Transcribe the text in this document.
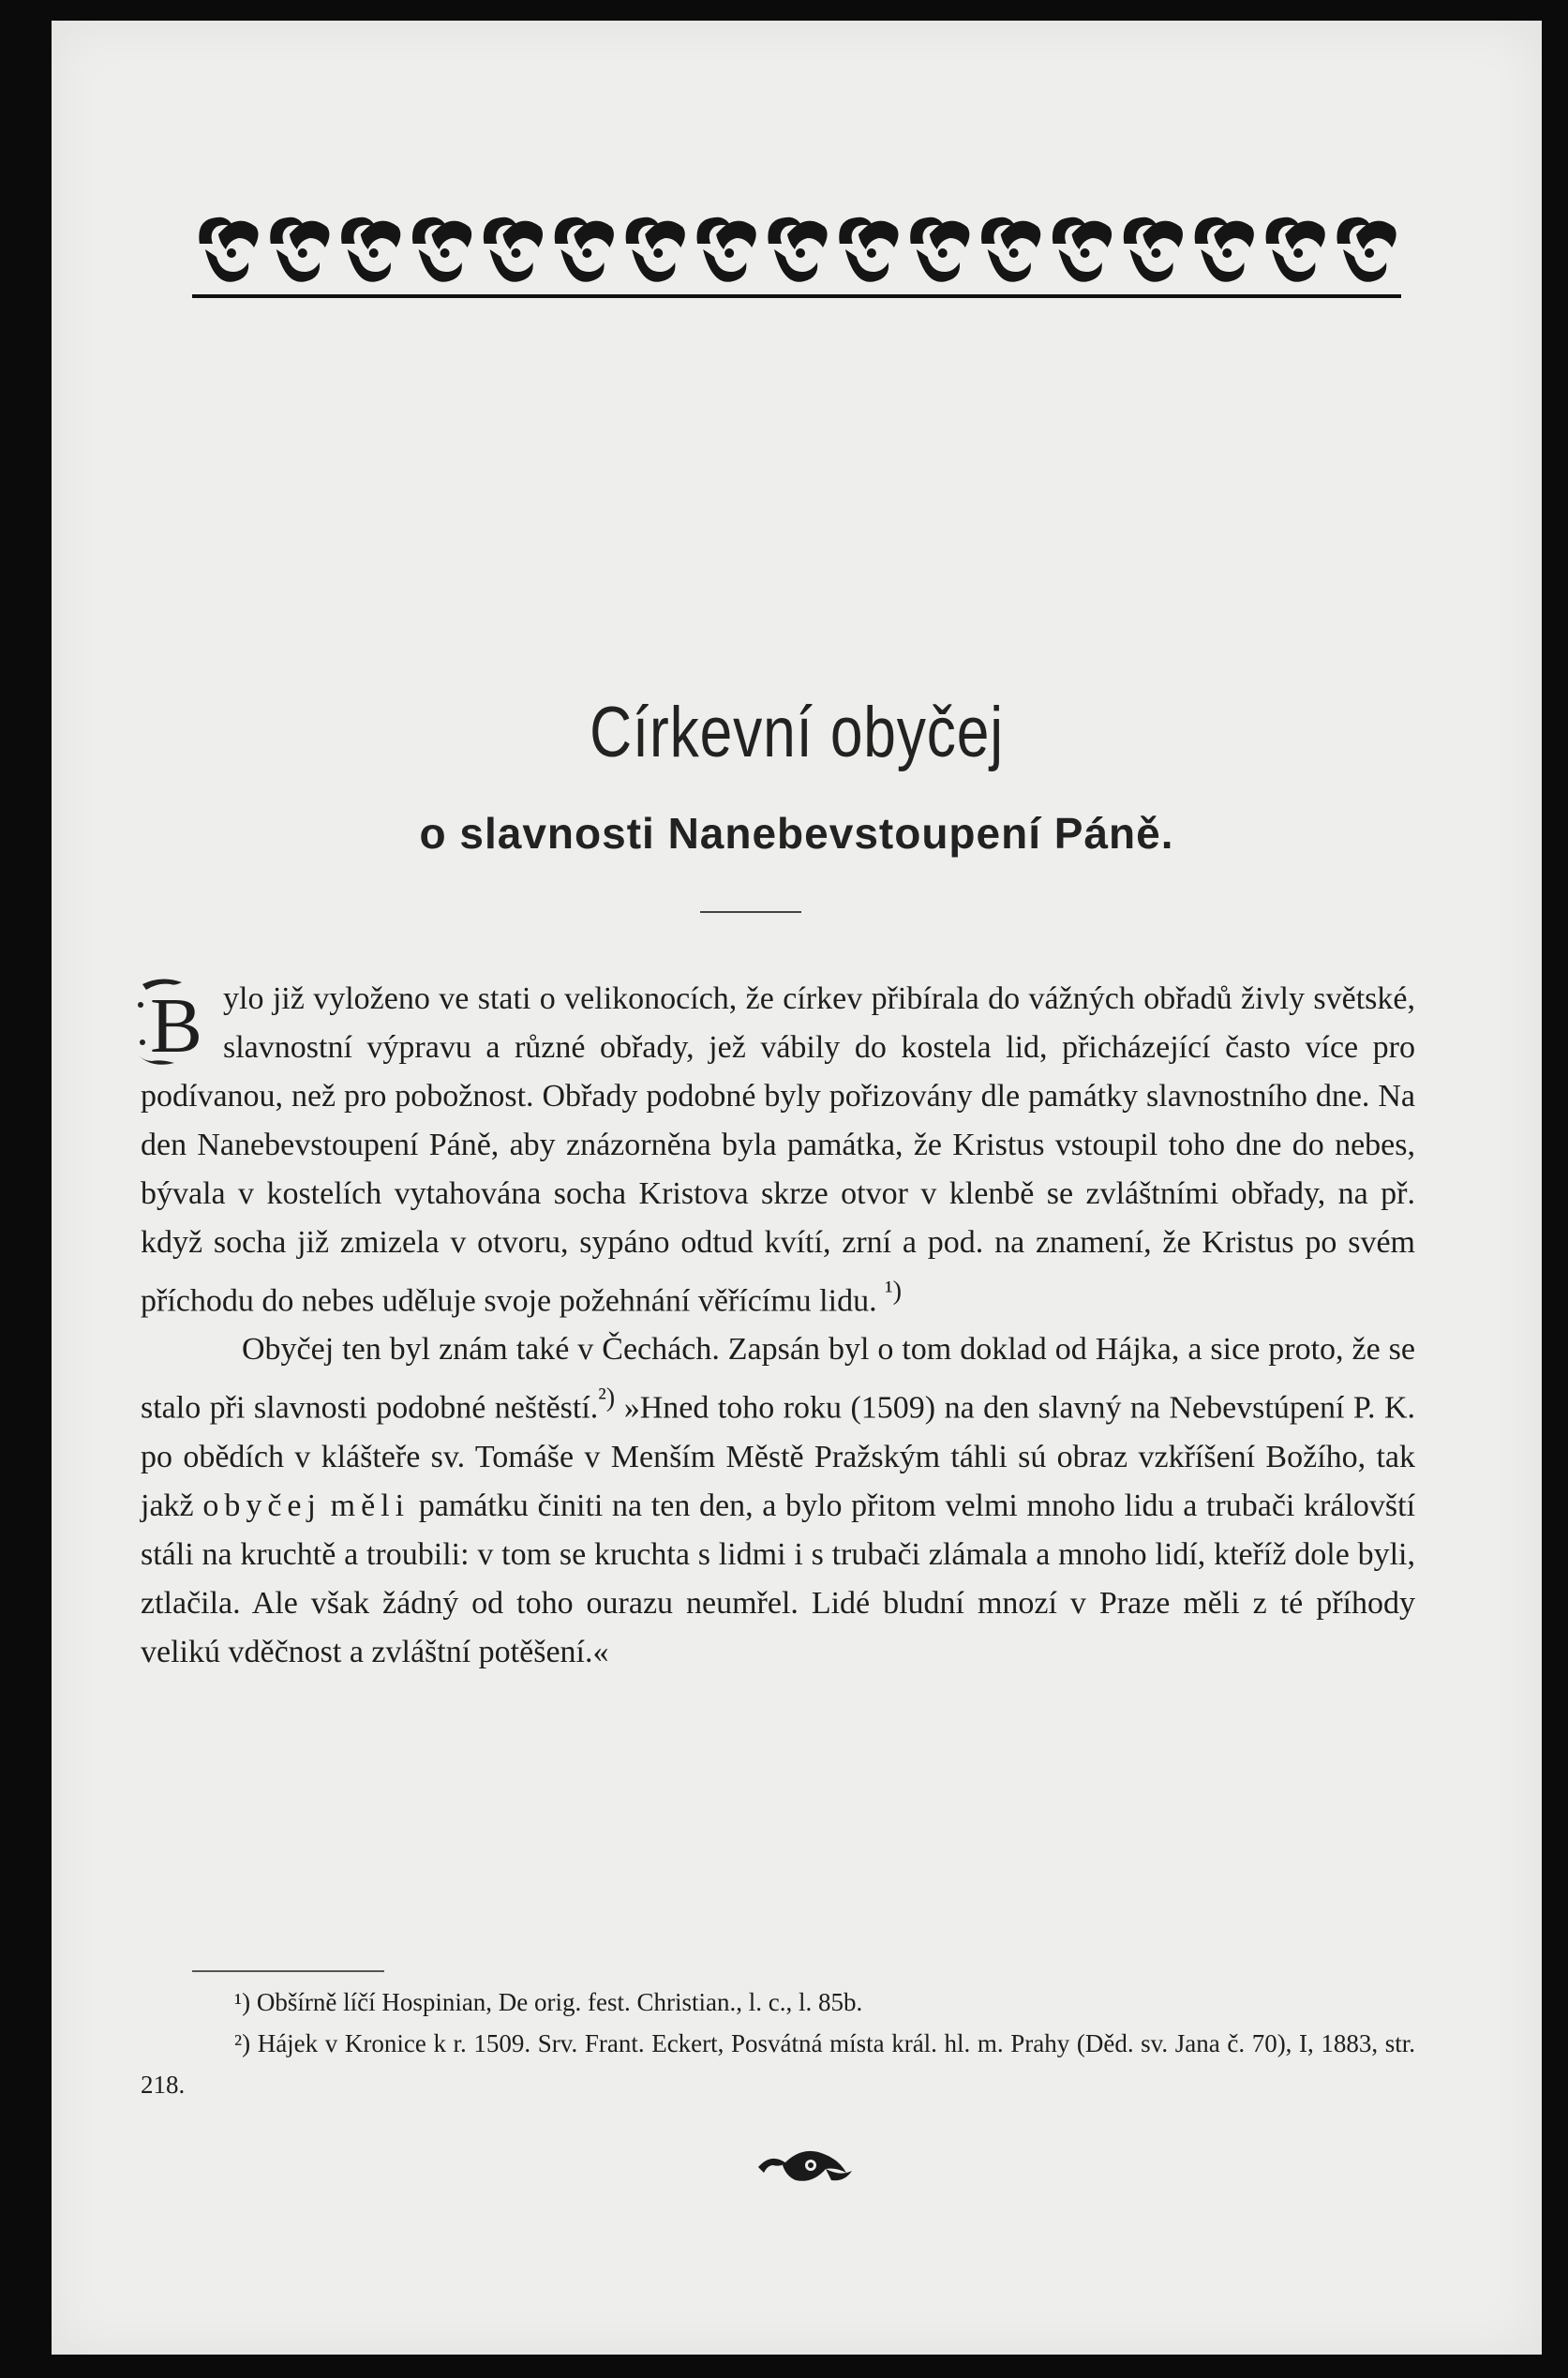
Církevní obyčej
o slavnosti Nanebevstoupení Páně.

B ylo již vyloženo ve stati o velikonocích, že církev přibírala do vážných obřadů živly světské, slavnostní výpravu a různé obřady, jež vábily do kostela lid, přicházející často více pro podívanou, než pro pobožnost. Obřady podobné byly pořizovány dle památky slavnostního dne. Na den Nanebevstoupení Páně, aby znázorněna byla památka, že Kristus vstoupil toho dne do nebes, bývala v kostelích vytahována socha Kristova skrze otvor v klenbě se zvláštními obřady, na př. když socha již zmizela v otvoru, sypáno odtud kvítí, zrní a pod. na znamení, že Kristus po svém příchodu do nebes uděluje svoje požehnání věřícímu lidu. $^{^1)}$

Obyčej ten byl znám také v Čechách. Zapsán byl o tom doklad od Hájka, a sice proto, že se stalo při slavnosti podobné neštěstí.$^{^2)}$ »Hned toho roku (1509) na den slavný na Nebevstúpení P. K. po obědích v klášteře sv. Tomáše v Menším Městě Pražským táhli sú obraz vzkříšení Božího, tak jakž obyčej měli památku činiti na ten den, a bylo přitom velmi mnoho lidu a trubači královští stáli na kruchtě a troubili: v tom se kruchta s lidmi i s trubači zlámala a mnoho lidí, kteříž dole byli, ztlačila. Ale však žádný od toho ourazu neumřel. Lidé bludní mnozí v Praze měli z té příhody velikú vděčnost a zvláštní potěšení.«

¹) Obšírně líčí Hospinian, De orig. fest. Christian., l. c., l. 85b.

²) Hájek v Kronice k r. 1509. Srv. Frant. Eckert, Posvátná místa král. hl. m. Prahy (Děd. sv. Jana č. 70), I, 1883, str. 218.
